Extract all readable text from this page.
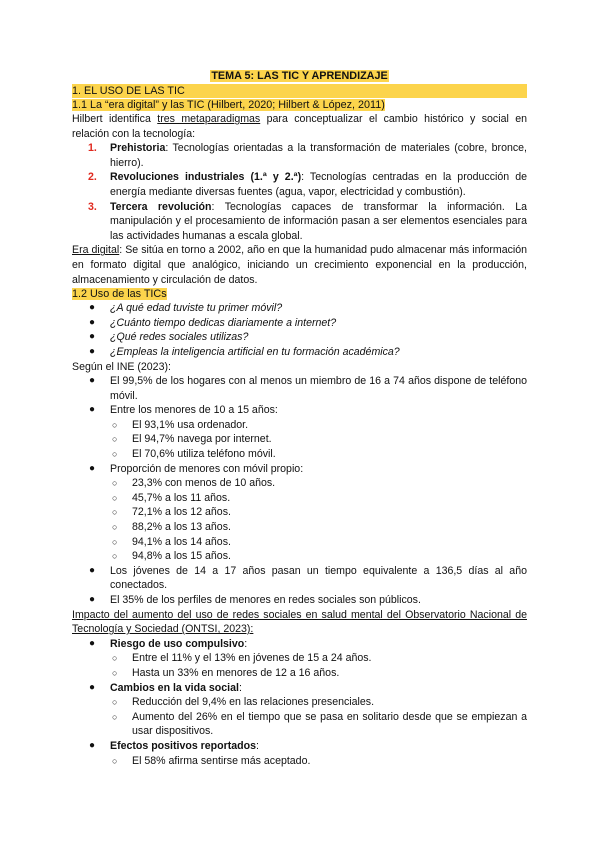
TEMA 5: LAS TIC Y APRENDIZAJE
1. EL USO DE LAS TIC
1.1 La “era digital” y las TIC (Hilbert, 2020; Hilbert & López, 2011)

Hilbert identifica tres metaparadigmas para conceptualizar el cambio histórico y social en relación con la tecnología:

1. Prehistoria: Tecnologías orientadas a la transformación de materiales (cobre, bronce, hierro).
2. Revoluciones industriales (1.ª y 2.ª): Tecnologías centradas en la producción de energía mediante diversas fuentes (agua, vapor, electricidad y combustión).
3. Tercera revolución: Tecnologías capaces de transformar la información. La manipulación y el procesamiento de información pasan a ser elementos esenciales para las actividades humanas a escala global.

Era digital: Se sitúa en torno a 2002, año en que la humanidad pudo almacenar más información en formato digital que analógico, iniciando un crecimiento exponencial en la producción, almacenamiento y circulación de datos.

1.2 Uso de las TICs
● ¿A qué edad tuviste tu primer móvil?
● ¿Cuánto tiempo dedicas diariamente a internet?
● ¿Qué redes sociales utilizas?
● ¿Empleas la inteligencia artificial en tu formación académica?

Según el INE (2023):

● El 99,5% de los hogares con al menos un miembro de 16 a 74 años dispone de teléfono móvil.
● Entre los menores de 10 a 15 años:
○ El 93,1% usa ordenador.
○ El 94,7% navega por internet.
○ El 70,6% utiliza teléfono móvil.
● Proporción de menores con móvil propio:
○ 23,3% con menos de 10 años.
○ 45,7% a los 11 años.
○ 72,1% a los 12 años.
○ 88,2% a los 13 años.
○ 94,1% a los 14 años.
○ 94,8% a los 15 años.
● Los jóvenes de 14 a 17 años pasan un tiempo equivalente a 136,5 días al año conectados.
● El 35% de los perfiles de menores en redes sociales son públicos.

Impacto del aumento del uso de redes sociales en salud mental del Observatorio Nacional de Tecnología y Sociedad (ONTSI, 2023):

● Riesgo de uso compulsivo:
○ Entre el 11% y el 13% en jóvenes de 15 a 24 años.
○ Hasta un 33% en menores de 12 a 16 años.
● Cambios en la vida social:
○ Reducción del 9,4% en las relaciones presenciales.
○ Aumento del 26% en el tiempo que se pasa en solitario desde que se empiezan a usar dispositivos.
● Efectos positivos reportados:
○ El 58% afirma sentirse más aceptado.
